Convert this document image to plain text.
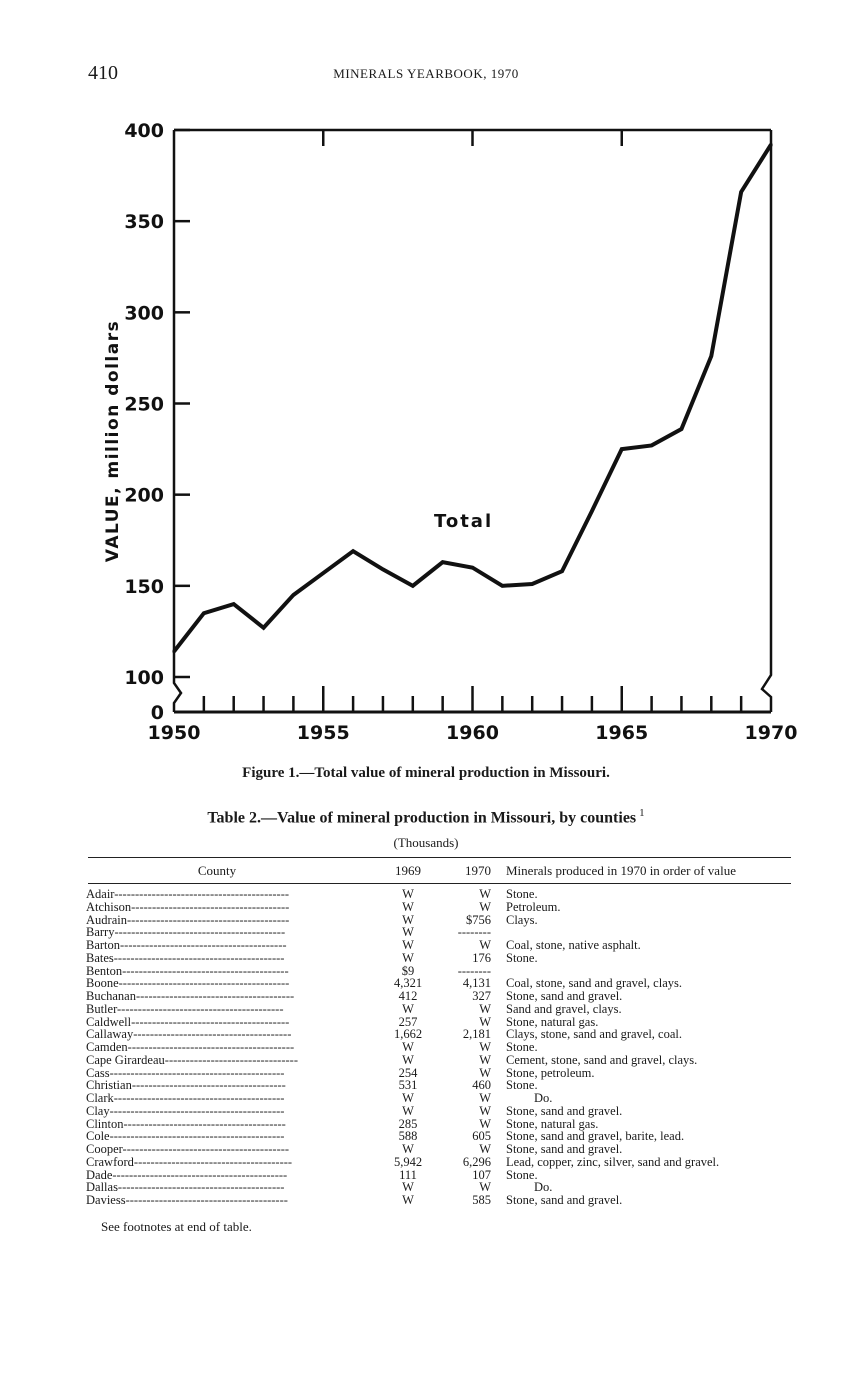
410	MINERALS YEARBOOK, 1970
0
100
150
200
250
300
350
400
1950	1955	1960	1965	1970
VALUE, million dollars	Total
Figure 1.—Total value of mineral production in Missouri.
Table 2.—Value of mineral production in Missouri, by counties $^1$
(Thousands)
County	1969	1970 Minerals produced in 1970 in order of value
Adair------------------------------------------	W	W Stone.
Atchison--------------------------------------	W	W Petroleum.
Audrain---------------------------------------	W	$756 Clays.
Barry-----------------------------------------	W	--------
Barton----------------------------------------	W	W Coal, stone, native asphalt.
Bates-----------------------------------------	W	176 Stone.
Benton----------------------------------------	$9	--------
Boone-----------------------------------------	4,321	4,131 Coal, stone, sand and gravel, clays.
Buchanan--------------------------------------	412	327 Stone, sand and gravel.
Butler----------------------------------------	W	W Sand and gravel, clays.
Caldwell--------------------------------------	257	W Stone, natural gas.
Callaway--------------------------------------	1,662	2,181 Clays, stone, sand and gravel, coal.
Camden----------------------------------------	W	W Stone.
Cape Girardeau--------------------------------	W	W Cement, stone, sand and gravel, clays.
Cass------------------------------------------	254	W Stone, petroleum.
Christian-------------------------------------	531	460 Stone.
Clark-----------------------------------------	W	W	Do.
Clay------------------------------------------	W	W Stone, sand and gravel.
Clinton---------------------------------------	285	W Stone, natural gas.
Cole------------------------------------------	588	605 Stone, sand and gravel, barite, lead.
Cooper----------------------------------------	W	W Stone, sand and gravel.
Crawford--------------------------------------	5,942	6,296 Lead, copper, zinc, silver, sand and gravel.
Dade------------------------------------------	111	107 Stone.
Dallas----------------------------------------	W	W	Do.
Daviess---------------------------------------	W	585 Stone, sand and gravel.
See footnotes at end of table.
